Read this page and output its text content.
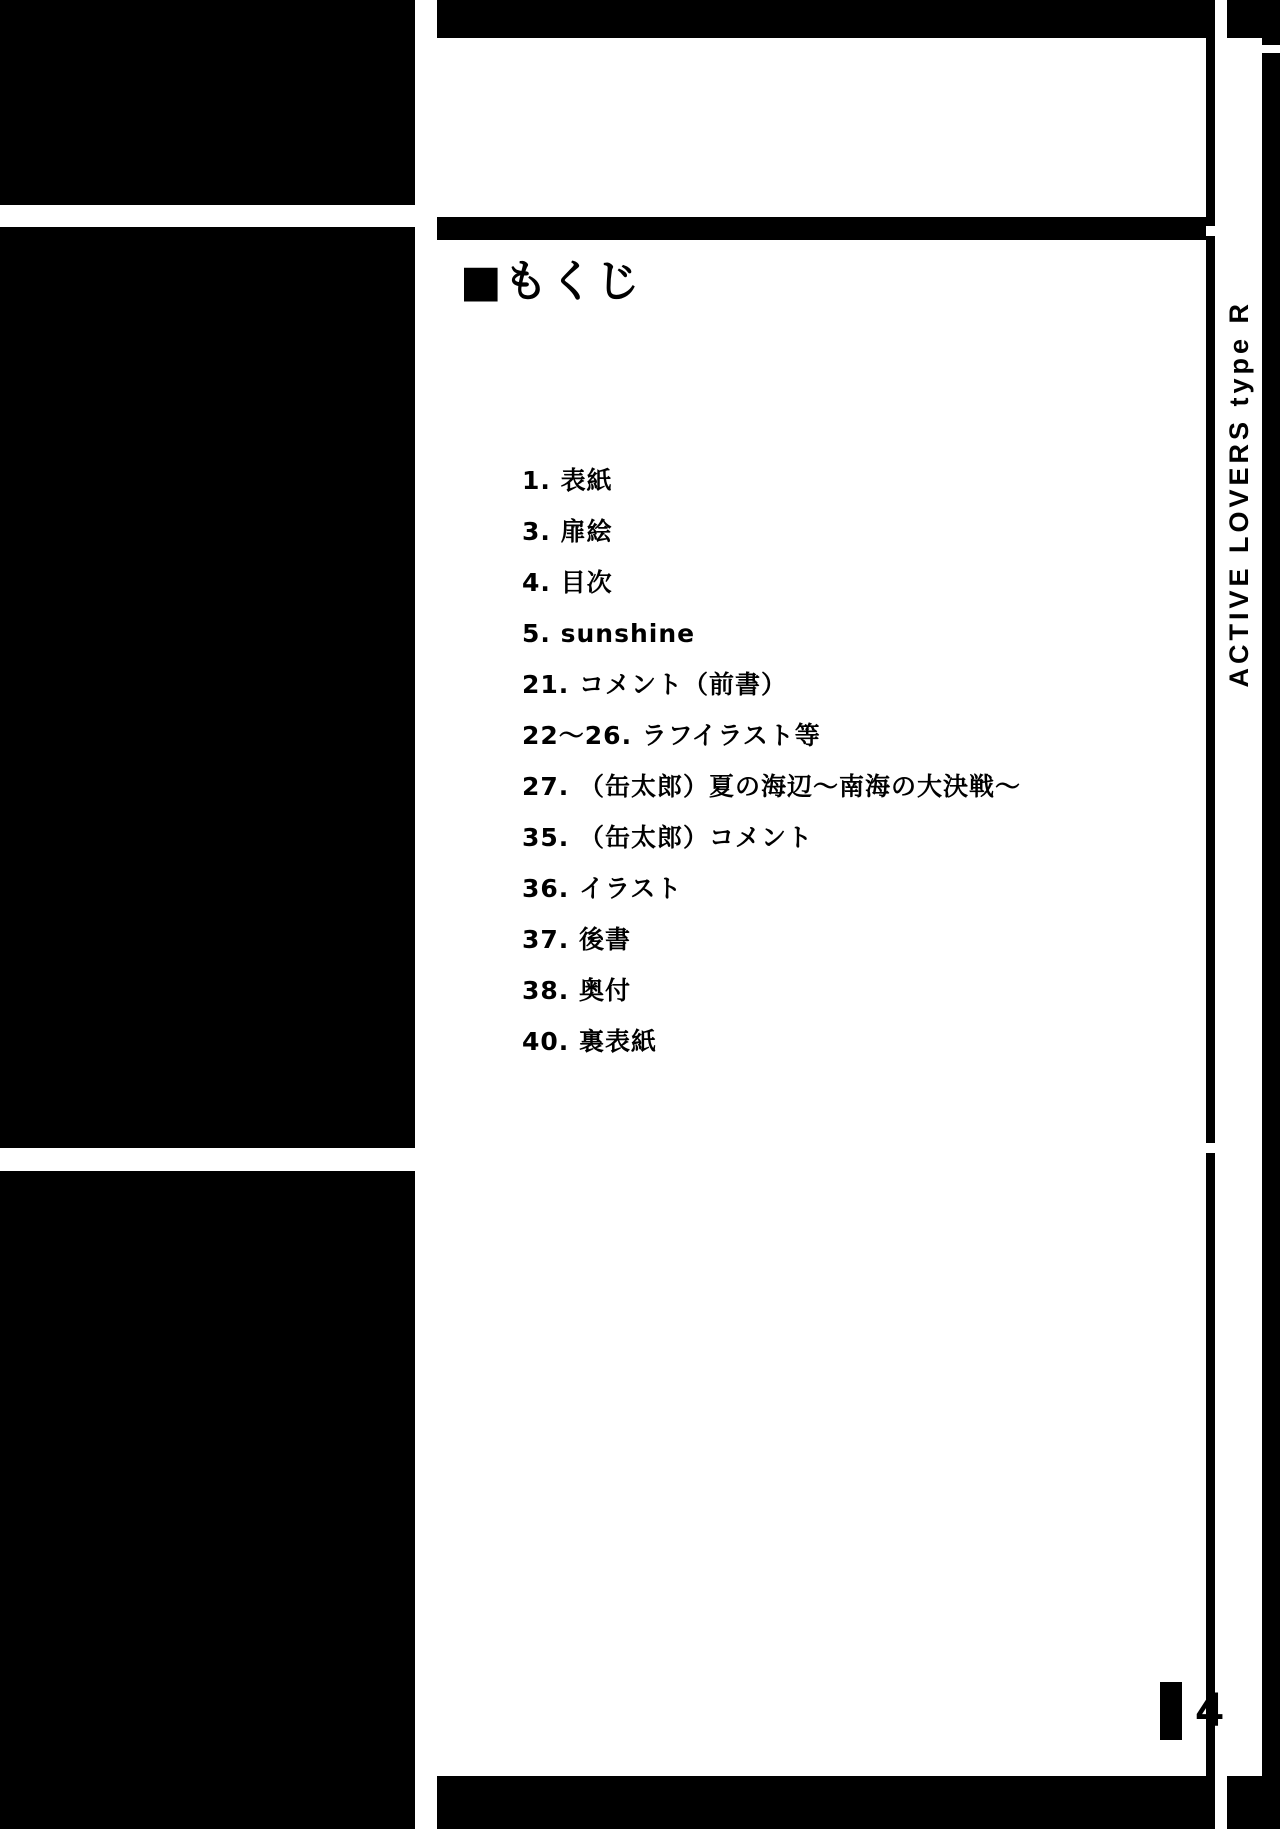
■もくじ
1. 表紙
3. 扉絵
4. 目次
5. sunshine
21. コメント（前書）
22〜26. ラフイラスト等
27. （缶太郎）夏の海辺〜南海の大決戦〜
35. （缶太郎）コメント
36. イラスト
37. 後書
38. 奥付
40. 裏表紙
ACTIVE LOVERS type R
4
